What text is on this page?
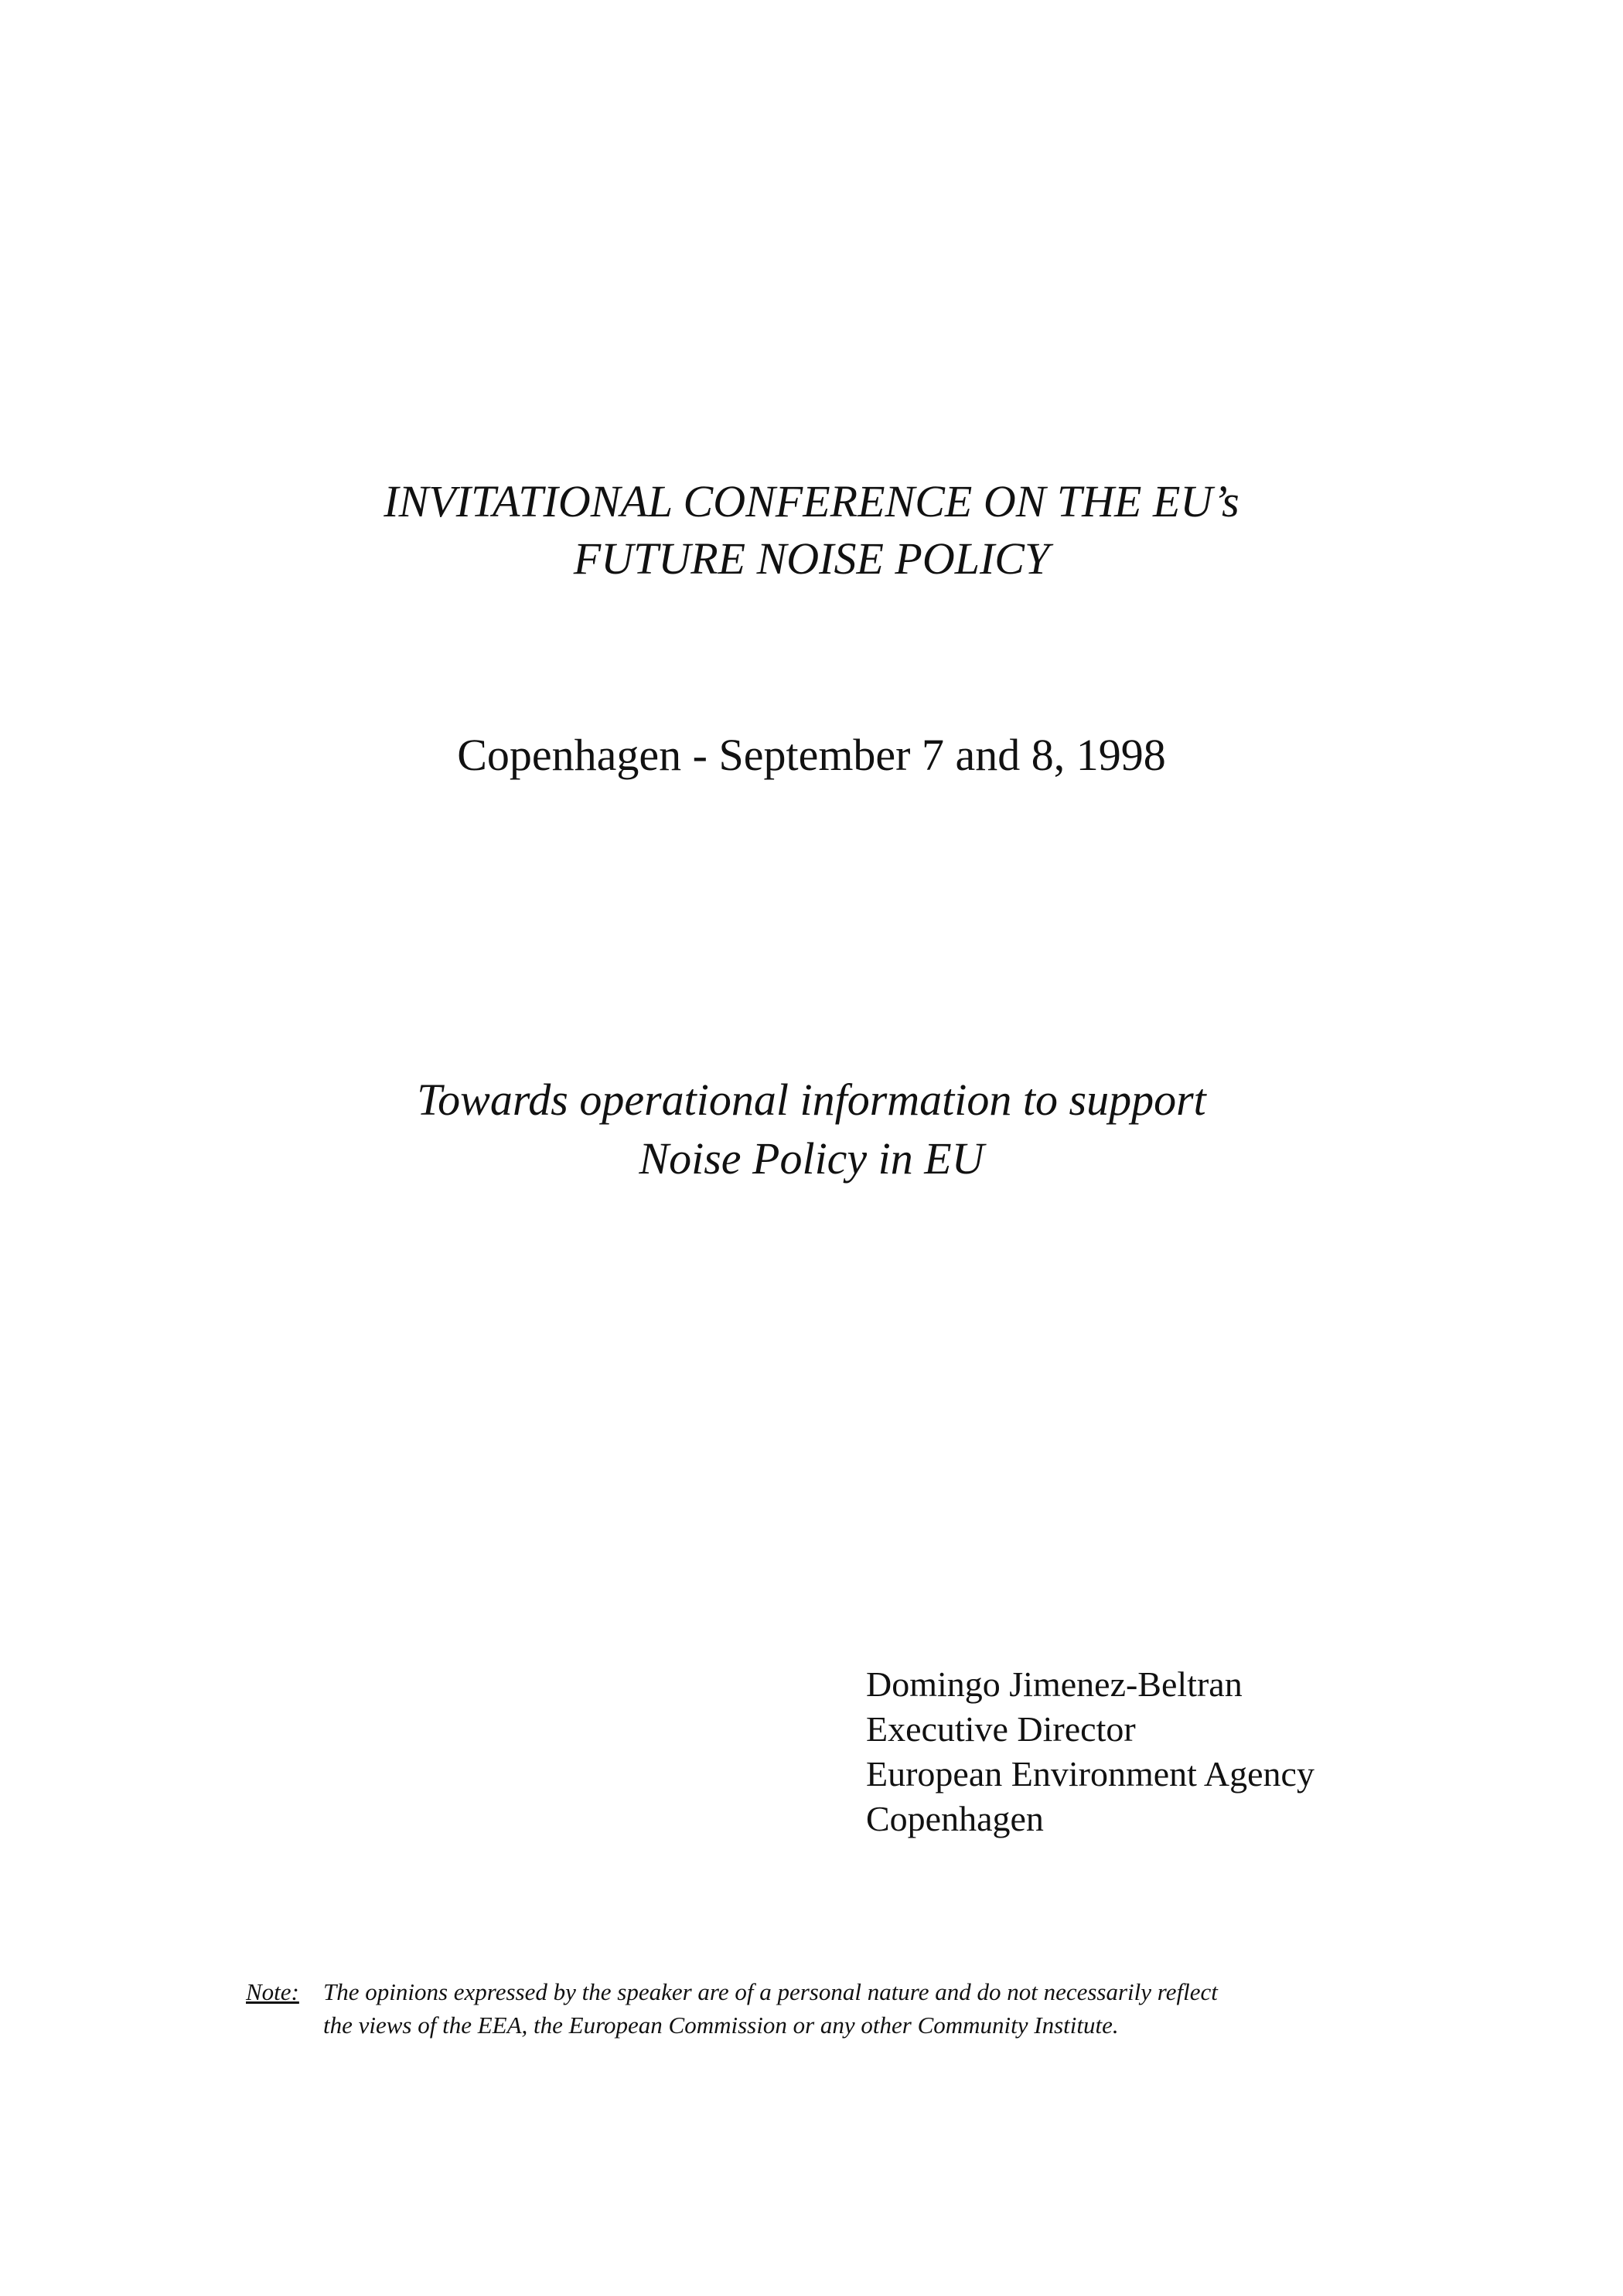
INVITATIONAL CONFERENCE ON THE EU’s
FUTURE NOISE POLICY
Copenhagen - September 7 and 8, 1998
Towards operational information to support
Noise Policy in EU
Domingo Jimenez-Beltran
Executive Director
European Environment Agency
Copenhagen
Note: The opinions expressed by the speaker are of a personal nature and do not necessarily reflect
the views of the EEA, the European Commission or any other Community Institute.
